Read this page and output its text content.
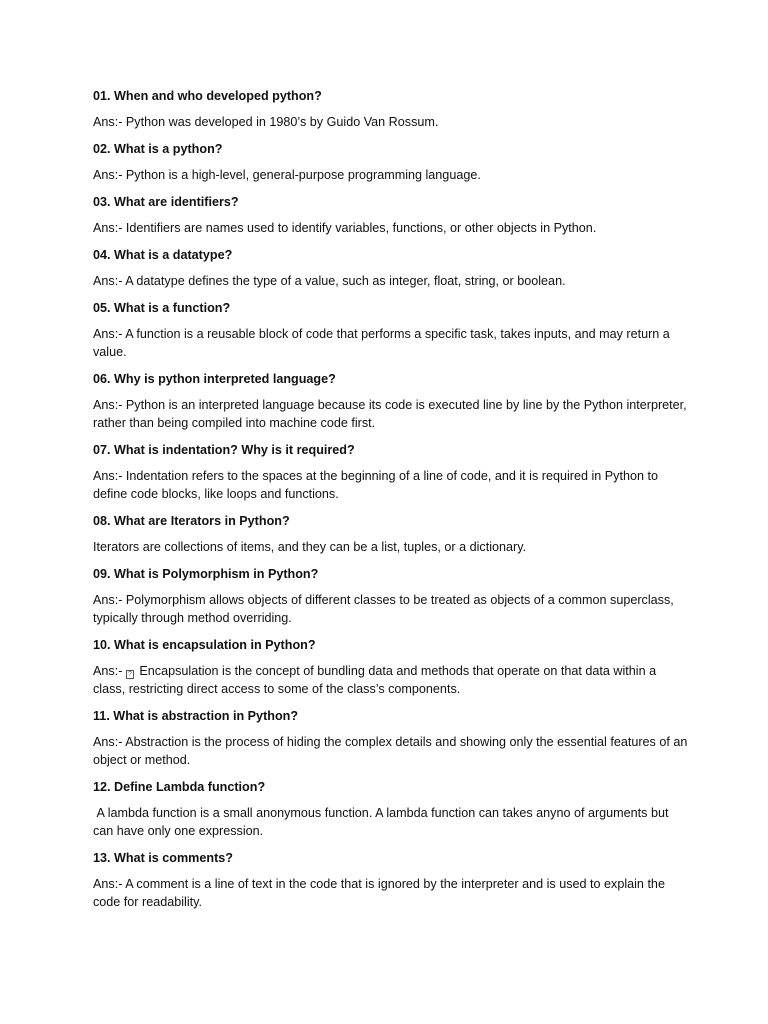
01. When and who developed python?

Ans:- Python was developed in 1980’s by Guido Van Rossum.

02. What is a python?

Ans:- Python is a high-level, general-purpose programming language.

03. What are identifiers?

Ans:- Identifiers are names used to identify variables, functions, or other objects in Python.

04. What is a datatype?

Ans:- A datatype defines the type of a value, such as integer, float, string, or boolean.

05. What is a function?

Ans:- A function is a reusable block of code that performs a specific task, takes inputs, and may return a value.

06. Why is python interpreted language?

Ans:- Python is an interpreted language because its code is executed line by line by the Python interpreter, rather than being compiled into machine code first.

07. What is indentation? Why is it required?

Ans:- Indentation refers to the spaces at the beginning of a line of code, and it is required in Python to define code blocks, like loops and functions.

08. What are Iterators in Python?

Iterators are collections of items, and they can be a list, tuples, or a dictionary.

09. What is Polymorphism in Python?

Ans:- Polymorphism allows objects of different classes to be treated as objects of a common superclass, typically through method overriding.

10. What is encapsulation in Python?

Ans:- ? Encapsulation is the concept of bundling data and methods that operate on that data within a class, restricting direct access to some of the class’s components.

11. What is abstraction in Python?

Ans:- Abstraction is the process of hiding the complex details and showing only the essential features of an object or method.

12. Define Lambda function?

A lambda function is a small anonymous function. A lambda function can takes anyno of arguments but can have only one expression.

13. What is comments?

Ans:- A comment is a line of text in the code that is ignored by the interpreter and is used to explain the code for readability.
